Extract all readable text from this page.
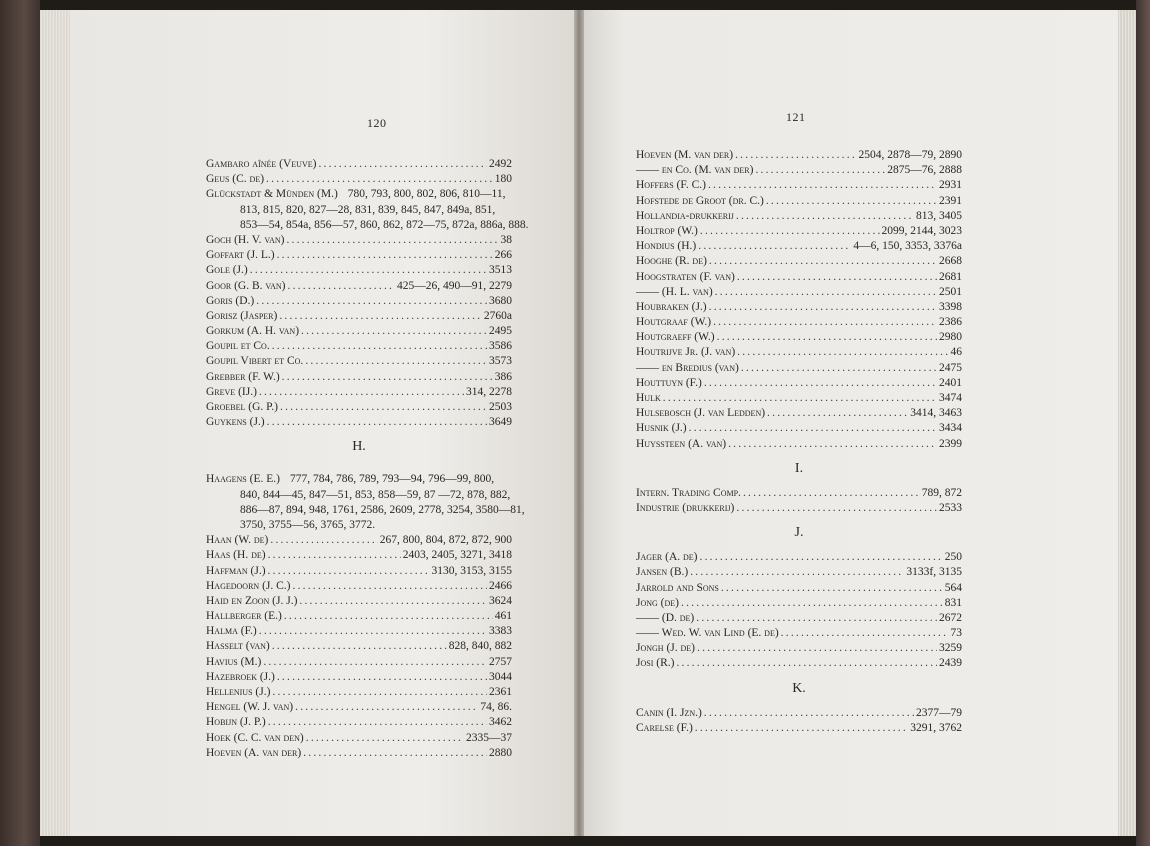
120	121
Gambaro aînée (Veuve) .....	2492
Geus (C. de) .....	180
Glückstadt & Münden (M.) 780, 793, 800, 802, 806, 810—11,
813, 815, 820, 827—28, 831, 839, 845, 847, 849a, 851,
853—54, 854a, 856—57, 860, 862, 872—75, 872a, 886a, 888.
Goch (H. V. van) .....	38
Goffart (J. L.) .....	266
Gole (J.) .....	3513
Goor (G. B. van) .....	425—26, 490—91, 2279
Goris (D.) .....	3680
Gorisz (Jasper) .....	2760a
Gorkum (A. H. van) .....	2495
Goupil et Co. .....	3586
Goupil Vibert et Co. .....	3573
Grebber (F. W.) .....	386
Greve (IJ.) .....	314, 2278
Groebel (G. P.) .....	2503
Guykens (J.) .....	3649
H.
Haagens (E. E.) 777, 784, 786, 789, 793—94, 796—99, 800,
840, 844—45, 847—51, 853, 858—59, 87 —72, 878, 882,
886—87, 894, 948, 1761, 2586, 2609, 2778, 3254, 3580—81,
3750, 3755—56, 3765, 3772.
Haan (W. de) .....	267, 800, 804, 872, 872, 900
Haas (H. de) .....	2403, 2405, 3271, 3418
Haffman (J.) .....	3130, 3153, 3155
Hagedoorn (J. C.) .....	2466
Haid en Zoon (J. J.) .....	3624
Hallberger (E.) .....	461
Halma (F.) .....	3383
Hasselt (van) .....	828, 840, 882
Havius (M.) .....	2757
Hazebroek (J.) .....	3044
Hellenius (J.) .....	2361
Hengel (W. J. van) .....	74, 86.
Hobijn (J. P.) .....	3462
Hoek (C. C. van den) .....	2335—37
Hoeven (A. van der) .....	2880
Hoeven (M. van der) .....	2504, 2878—79, 2890
—— en Co. (M. van der) .....	2875—76, 2888
Hoffers (F. C.) .....	2931
Hofstede de Groot (dr. C.) .....	2391
Hollandia-drukkerij .....	813, 3405
Holtrop (W.) .....	2099, 2144, 3023
Hondius (H.) .....	4—6, 150, 3353, 3376a
Hooghe (R. de) .....	2668
Hoogstraten (F. van) .....	2681
—— (H. L. van) .....	2501
Houbraken (J.) .....	3398
Houtgraaf (W.) .....	2386
Houtgraeff (W.) .....	2980
Houtrijve Jr. (J. van) .....	46
—— en Bredius (van) .....	2475
Houttuyn (F.) .....	2401
Hulk .....	3474
Hulsebosch (J. van Ledden) .....	3414, 3463
Husnik (J.) .....	3434
Huyssteen (A. van) .....	2399
I.
Intern. Trading Comp. .....	789, 872
Industrie (drukkerij) .....	2533
J.
Jager (A. de) .....	250
Jansen (B.) .....	3133f, 3135
Jarrold and Sons .....	564
Jong (de) .....	831
—— (D. de) .....	2672
—— Wed. W. van Lind (E. de) .....	73
Jongh (J. de) .....	3259
Josi (R.) .....	2439
K.
Canin (I. Jzn.) .....	2377—79
Carelse (F.) .....	3291, 3762
